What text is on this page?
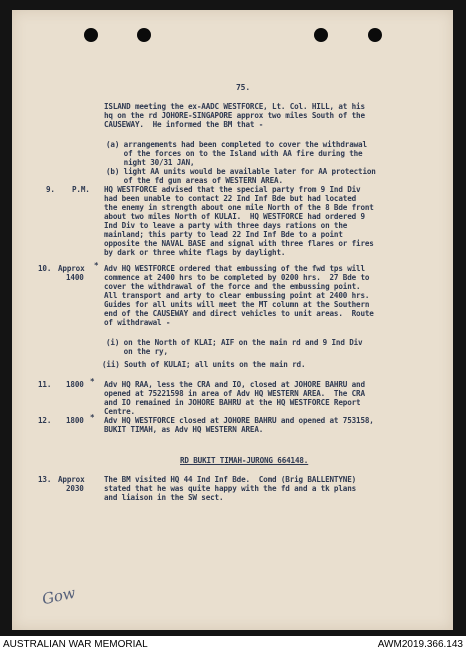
75.
ISLAND meeting the ex-AADC WESTFORCE, Lt. Col. HILL, at his
hq on the rd JOHORE-SINGAPORE approx two miles South of the
CAUSEWAY.  He informed the BM that -
(a) arrangements had been completed to cover the withdrawal
of the forces on to the Island with AA fire during the
night 30/31 JAN,
(b) light AA units would be available later for AA protection
of the fd gun areas of WESTERN AREA.
9. P.M. HQ WESTFORCE advised that the special party from 9 Ind Div
had been unable to contact 22 Ind Inf Bde but had located
the enemy in strength about one mile North of the 8 Bde front
about two miles North of KULAI.  HQ WESTFORCE had ordered 9
Ind Div to leave a party with three days rations on the
mainland; this party to lead 22 Ind Inf Bde to a point
opposite the NAVAL BASE and signal with three flares or fires
by dark or three white flags by daylight.
10. Approx *
1400
Adv HQ WESTFORCE ordered that embussing of the fwd tps will
commence at 2400 hrs to be completed by 0200 hrs.  27 Bde to
cover the withdrawal of the force and the embussing point.
All transport and arty to clear embussing point at 2400 hrs.
Guides for all units will meet the MT column at the Southern
end of the CAUSEWAY and direct vehicles to unit areas.  Route
of withdrawal -
(i) on the North of KLAI; AIF on the main rd and 9 Ind Div
on the ry,
(ii) South of KULAI; all units on the main rd.
11. 1800 * Adv HQ RAA, less the CRA and IO, closed at JOHORE BAHRU and
opened at 75221598 in area of Adv HQ WESTERN AREA.  The CRA
and IO remained in JOHORE BAHRU at the HQ WESTFORCE Report
Centre.
12. 1800 * Adv HQ WESTFORCE closed at JOHORE BAHRU and opened at 753158,
BUKIT TIMAH, as Adv HQ WESTERN AREA.
RD BUKIT TIMAH-JURONG 664148.
13. Approx
2030
The BM visited HQ 44 Ind Inf Bde.  Comd (Brig BALLENTYNE)
stated that he was quite happy with the fd and a tk plans
and liaison in the SW sect.
Gow
AUSTRALIAN WAR MEMORIAL	AWM2019.366.143
